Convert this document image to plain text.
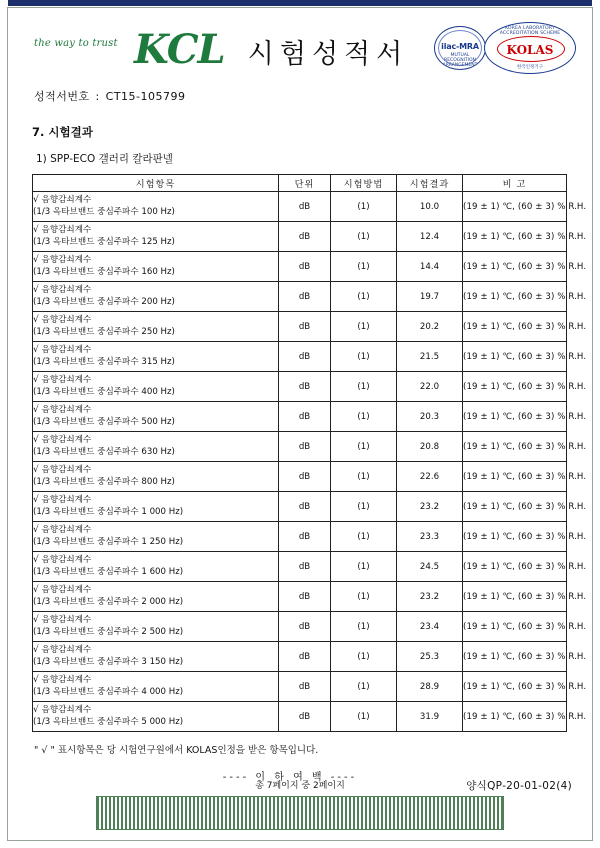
the way to trust KCL 시험성적서	ilac-MRA
MUTUAL RECOGNITION ARRANGEMENT
KOREA LABORATORY ACCREDITATION SCHEME
KOLAS
한국인정기구
성적서번호 : CT15-105799
7. 시험결과
1) SPP-ECO 갤러리 칼라판넬
시험항목	단위	시험방법	시험결과	비 고

√ 음향감쇠계수
(1/3 옥타브밴드 중심주파수 100 Hz)	dB	(1)	10.0	(19 ± 1) ℃, (60 ± 3) % R.H.

√ 음향감쇠계수
(1/3 옥타브밴드 중심주파수 125 Hz)	dB	(1)	12.4	(19 ± 1) ℃, (60 ± 3) % R.H.

√ 음향감쇠계수
(1/3 옥타브밴드 중심주파수 160 Hz)	dB	(1)	14.4	(19 ± 1) ℃, (60 ± 3) % R.H.

√ 음향감쇠계수
(1/3 옥타브밴드 중심주파수 200 Hz)	dB	(1)	19.7	(19 ± 1) ℃, (60 ± 3) % R.H.

√ 음향감쇠계수
(1/3 옥타브밴드 중심주파수 250 Hz)	dB	(1)	20.2	(19 ± 1) ℃, (60 ± 3) % R.H.

√ 음향감쇠계수
(1/3 옥타브밴드 중심주파수 315 Hz)	dB	(1)	21.5	(19 ± 1) ℃, (60 ± 3) % R.H.

√ 음향감쇠계수
(1/3 옥타브밴드 중심주파수 400 Hz)	dB	(1)	22.0	(19 ± 1) ℃, (60 ± 3) % R.H.

√ 음향감쇠계수
(1/3 옥타브밴드 중심주파수 500 Hz)	dB	(1)	20.3	(19 ± 1) ℃, (60 ± 3) % R.H.

√ 음향감쇠계수
(1/3 옥타브밴드 중심주파수 630 Hz)	dB	(1)	20.8	(19 ± 1) ℃, (60 ± 3) % R.H.

√ 음향감쇠계수
(1/3 옥타브밴드 중심주파수 800 Hz)	dB	(1)	22.6	(19 ± 1) ℃, (60 ± 3) % R.H.

√ 음향감쇠계수
(1/3 옥타브밴드 중심주파수 1 000 Hz)	dB	(1)	23.2	(19 ± 1) ℃, (60 ± 3) % R.H.

√ 음향감쇠계수
(1/3 옥타브밴드 중심주파수 1 250 Hz)	dB	(1)	23.3	(19 ± 1) ℃, (60 ± 3) % R.H.

√ 음향감쇠계수
(1/3 옥타브밴드 중심주파수 1 600 Hz)	dB	(1)	24.5	(19 ± 1) ℃, (60 ± 3) % R.H.

√ 음향감쇠계수
(1/3 옥타브밴드 중심주파수 2 000 Hz)	dB	(1)	23.2	(19 ± 1) ℃, (60 ± 3) % R.H.

√ 음향감쇠계수
(1/3 옥타브밴드 중심주파수 2 500 Hz)	dB	(1)	23.4	(19 ± 1) ℃, (60 ± 3) % R.H.

√ 음향감쇠계수
(1/3 옥타브밴드 중심주파수 3 150 Hz)	dB	(1)	25.3	(19 ± 1) ℃, (60 ± 3) % R.H.

√ 음향감쇠계수
(1/3 옥타브밴드 중심주파수 4 000 Hz)	dB	(1)	28.9	(19 ± 1) ℃, (60 ± 3) % R.H.

√ 음향감쇠계수
(1/3 옥타브밴드 중심주파수 5 000 Hz)	dB	(1)	31.9	(19 ± 1) ℃, (60 ± 3) % R.H.
" √ " 표시항목은 당 시험연구원에서 KOLAS인정을 받은 항목입니다.
---- 이 하 여 백 ----
총 7페이지 중 2페이지	양식QP-20-01-02(4)
